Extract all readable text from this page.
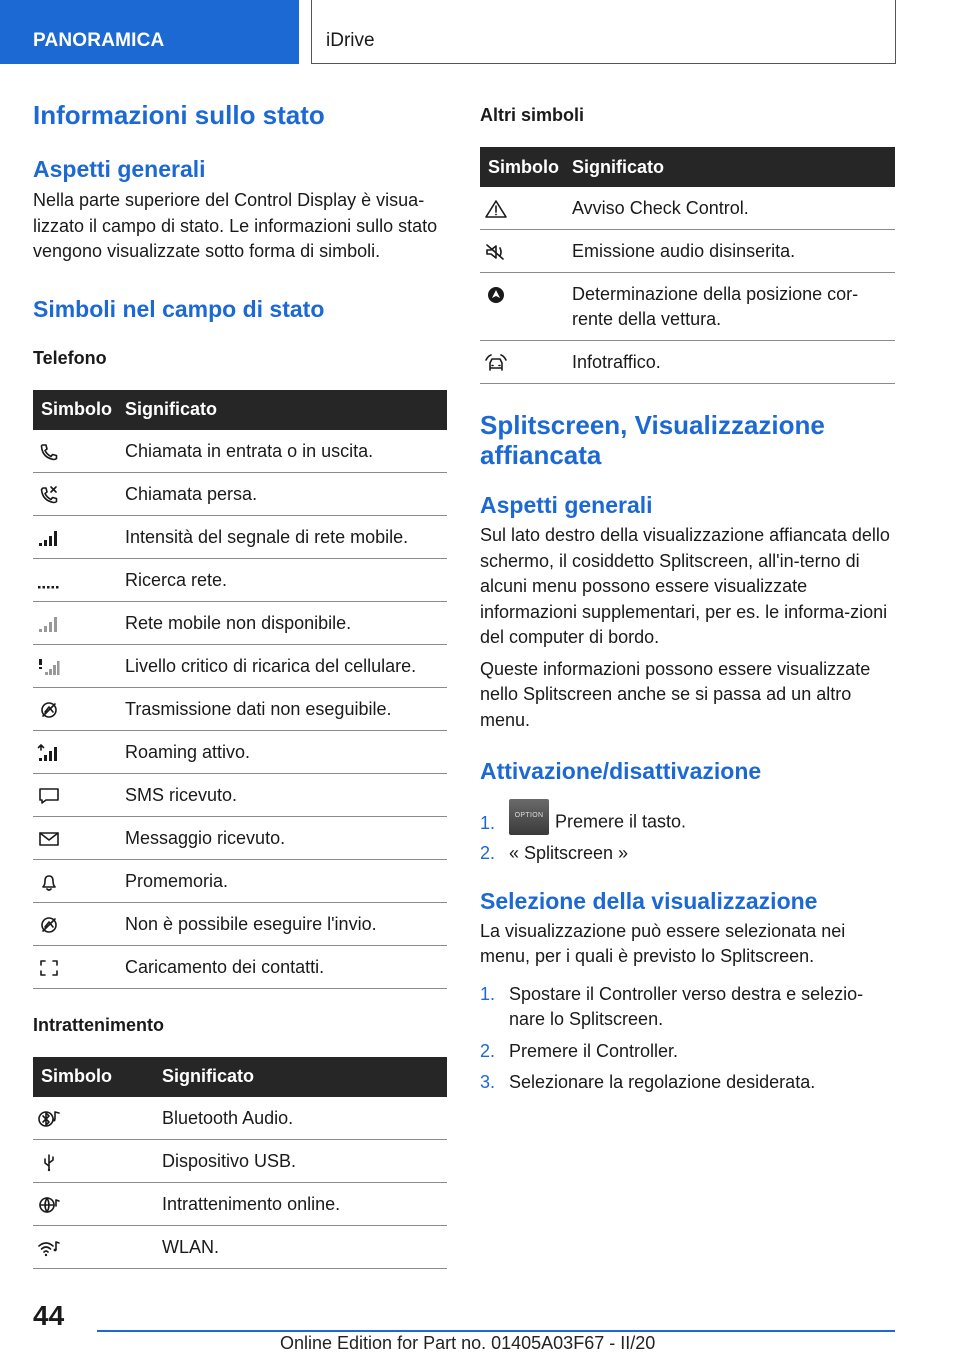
PANORAMICA	iDrive
Informazioni sullo stato
Aspetti generali
Nella parte superiore del Control Display è visua-lizzato il campo di stato. Le informazioni sullo stato vengono visualizzate sotto forma di simboli.
Simboli nel campo di stato
Telefono
Simbolo	Significato

	Chiamata in entrata o in uscita.

	Chiamata persa.

	Intensità del segnale di rete mobile.

	Ricerca rete.

	Rete mobile non disponibile.

	Livello critico di ricarica del cellulare.

	Trasmissione dati non eseguibile.

	Roaming attivo.

	SMS ricevuto.

	Messaggio ricevuto.

	Promemoria.

	Non è possibile eseguire l'invio.

	Caricamento dei contatti.
Intrattenimento
Simbolo	Significato

	Bluetooth Audio.

	Dispositivo USB.

	Intrattenimento online.

	WLAN.
Altri simboli
Simbolo	Significato

	Avviso Check Control.

	Emissione audio disinserita.

	Determinazione della posizione cor-rente della vettura.

	Infotraffico.
Splitscreen, Visualizzazione affiancata
Aspetti generali
Sul lato destro della visualizzazione affiancata dello schermo, il cosiddetto Splitscreen, all'in-terno di alcuni menu possono essere visualizzate informazioni supplementari, per es. le informa-zioni del computer di bordo.
Queste informazioni possono essere visualizzate nello Splitscreen anche se si passa ad un altro menu.
Attivazione/disattivazione
1.	OPTION Premere il tasto.
2. « Splitscreen »
Selezione della visualizzazione
La visualizzazione può essere selezionata nei menu, per i quali è previsto lo Splitscreen.
1. Spostare il Controller verso destra e selezio-nare lo Splitscreen.
2. Premere il Controller.
3. Selezionare la regolazione desiderata.
44
Online Edition for Part no. 01405A03F67 - II/20
